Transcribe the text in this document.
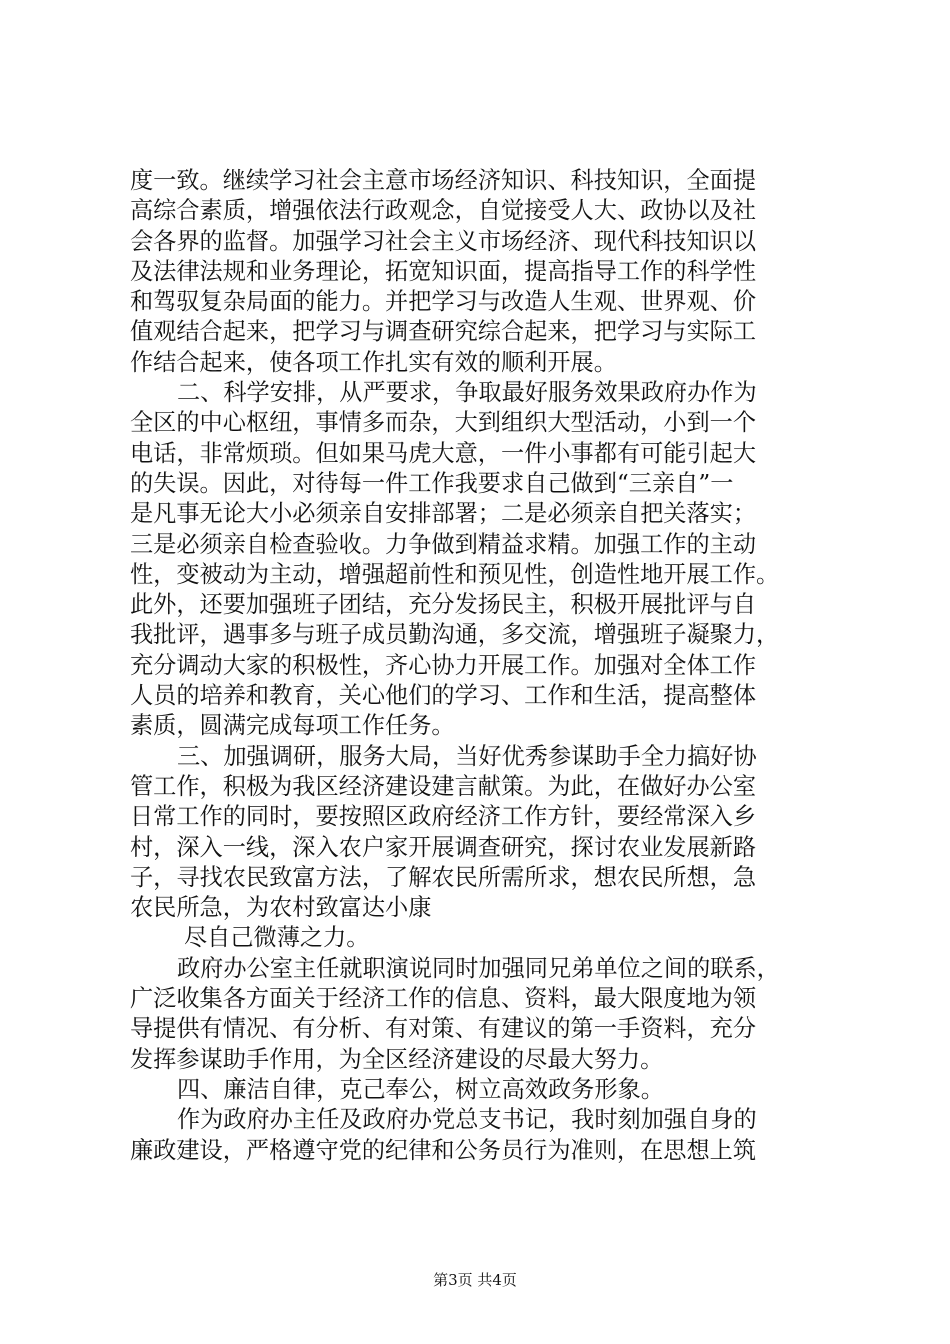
度一致。继续学习社会主意市场经济知识、科技知识，全面提
高综合素质，增强依法行政观念，自觉接受人大、政协以及社
会各界的监督。加强学习社会主义市场经济、现代科技知识以
及法律法规和业务理论，拓宽知识面，提高指导工作的科学性
和驾驭复杂局面的能力。并把学习与改造人生观、世界观、价
值观结合起来，把学习与调查研究综合起来，把学习与实际工
作结合起来，使各项工作扎实有效的顺利开展。
二、科学安排，从严要求，争取最好服务效果政府办作为
全区的中心枢纽，事情多而杂，大到组织大型活动，小到一个
电话，非常烦琐。但如果马虎大意，一件小事都有可能引起大
的失误。因此，对待每一件工作我要求自己做到“三亲自”一
是凡事无论大小必须亲自安排部署；二是必须亲自把关落实；
三是必须亲自检查验收。力争做到精益求精。加强工作的主动
性，变被动为主动，增强超前性和预见性，创造性地开展工作。
此外，还要加强班子团结，充分发扬民主，积极开展批评与自
我批评，遇事多与班子成员勤沟通，多交流，增强班子凝聚力，
充分调动大家的积极性，齐心协力开展工作。加强对全体工作
人员的培养和教育，关心他们的学习、工作和生活，提高整体
素质，圆满完成每项工作任务。
三、加强调研，服务大局，当好优秀参谋助手全力搞好协
管工作，积极为我区经济建设建言献策。为此，在做好办公室
日常工作的同时，要按照区政府经济工作方针，要经常深入乡
村，深入一线，深入农户家开展调查研究，探讨农业发展新路
子，寻找农民致富方法，了解农民所需所求，想农民所想，急
农民所急，为农村致富达小康
尽自己微薄之力。
政府办公室主任就职演说同时加强同兄弟单位之间的联系，
广泛收集各方面关于经济工作的信息、资料，最大限度地为领
导提供有情况、有分析、有对策、有建议的第一手资料，充分
发挥参谋助手作用，为全区经济建设的尽最大努力。
四、廉洁自律，克己奉公，树立高效政务形象。
作为政府办主任及政府办党总支书记，我时刻加强自身的
廉政建设，严格遵守党的纪律和公务员行为准则，在思想上筑
第3页 共4页
